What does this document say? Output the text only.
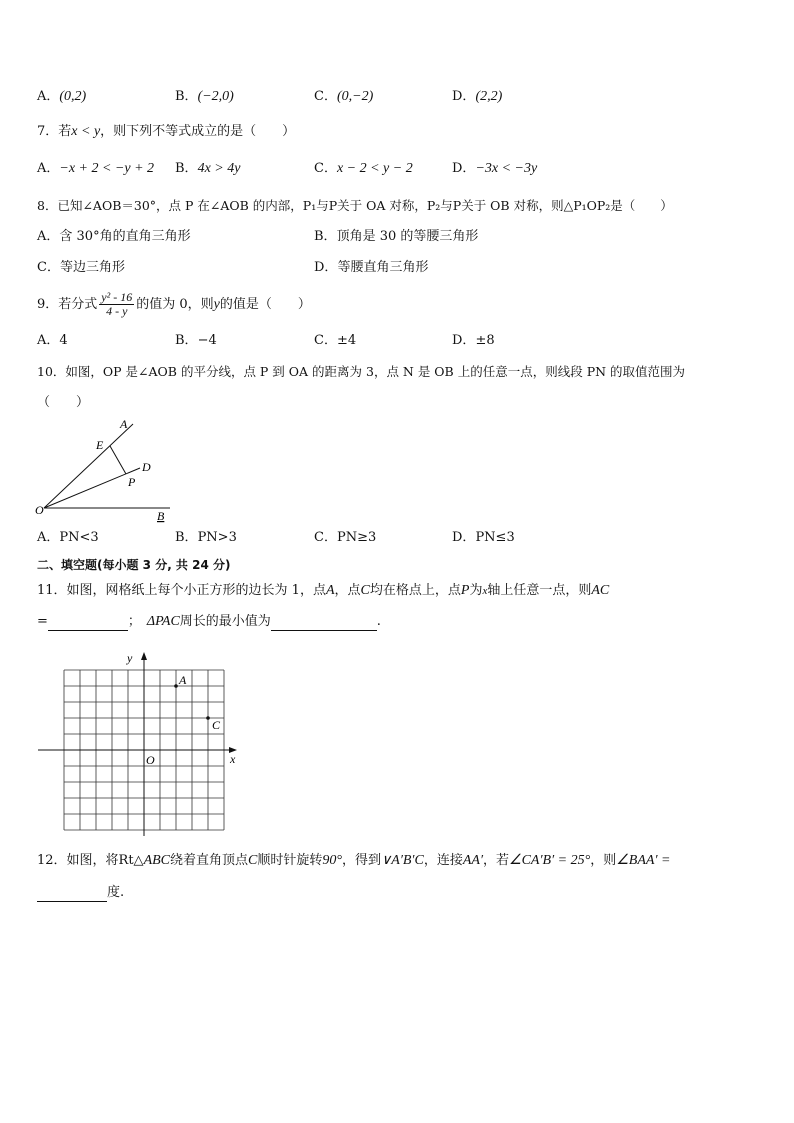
A．(0,2)	B．(−2,0)	C．(0,−2)	D．(2,2)
7．若x < y，则下列不等式成立的是（　　）
A．−x + 2 < −y + 2 B．4x > 4y	C．x − 2 < y − 2	D．−3x < −3y
8．已知∠AOB＝30°，点 P 在∠AOB 的内部，P₁与P关于 OA 对称，P₂与P关于 OB 对称，则△P₁OP₂是（　　）
A．含 30°角的直角三角形	B．顶角是 30 的等腰三角形
C．等边三角形	D．等腰直角三角形
9．若分式 $\frac{\text{y² - 16}}{4 - y}$ 的值为 0，则y的值是（　　）
A．4	B．−4	C．±4	D．±8
10．如图，OP 是∠AOB 的平分线，点 P 到 OA 的距离为 3，点 N 是 OB 上的任意一点，则线段 PN 的取值范围为
（　　）
A
E
D
P
O	B
A．PN<3	B．PN>3	C．PN≥3	D．PN≤3
二、填空题(每小题 3 分, 共 24 分)
11．如图，网格纸上每个小正方形的边长为 1，点A，点C均在格点上，点P为x轴上任意一点，则AC
=	； ΔPAC周长的最小值为	.
y
x
O
A
C
12．如图，将Rt△ABC绕着直角顶点C顺时针旋转90°，得到∨A′B′C，连接AA′，若∠CA′B′ = 25°，则∠BAA′ =
度.
